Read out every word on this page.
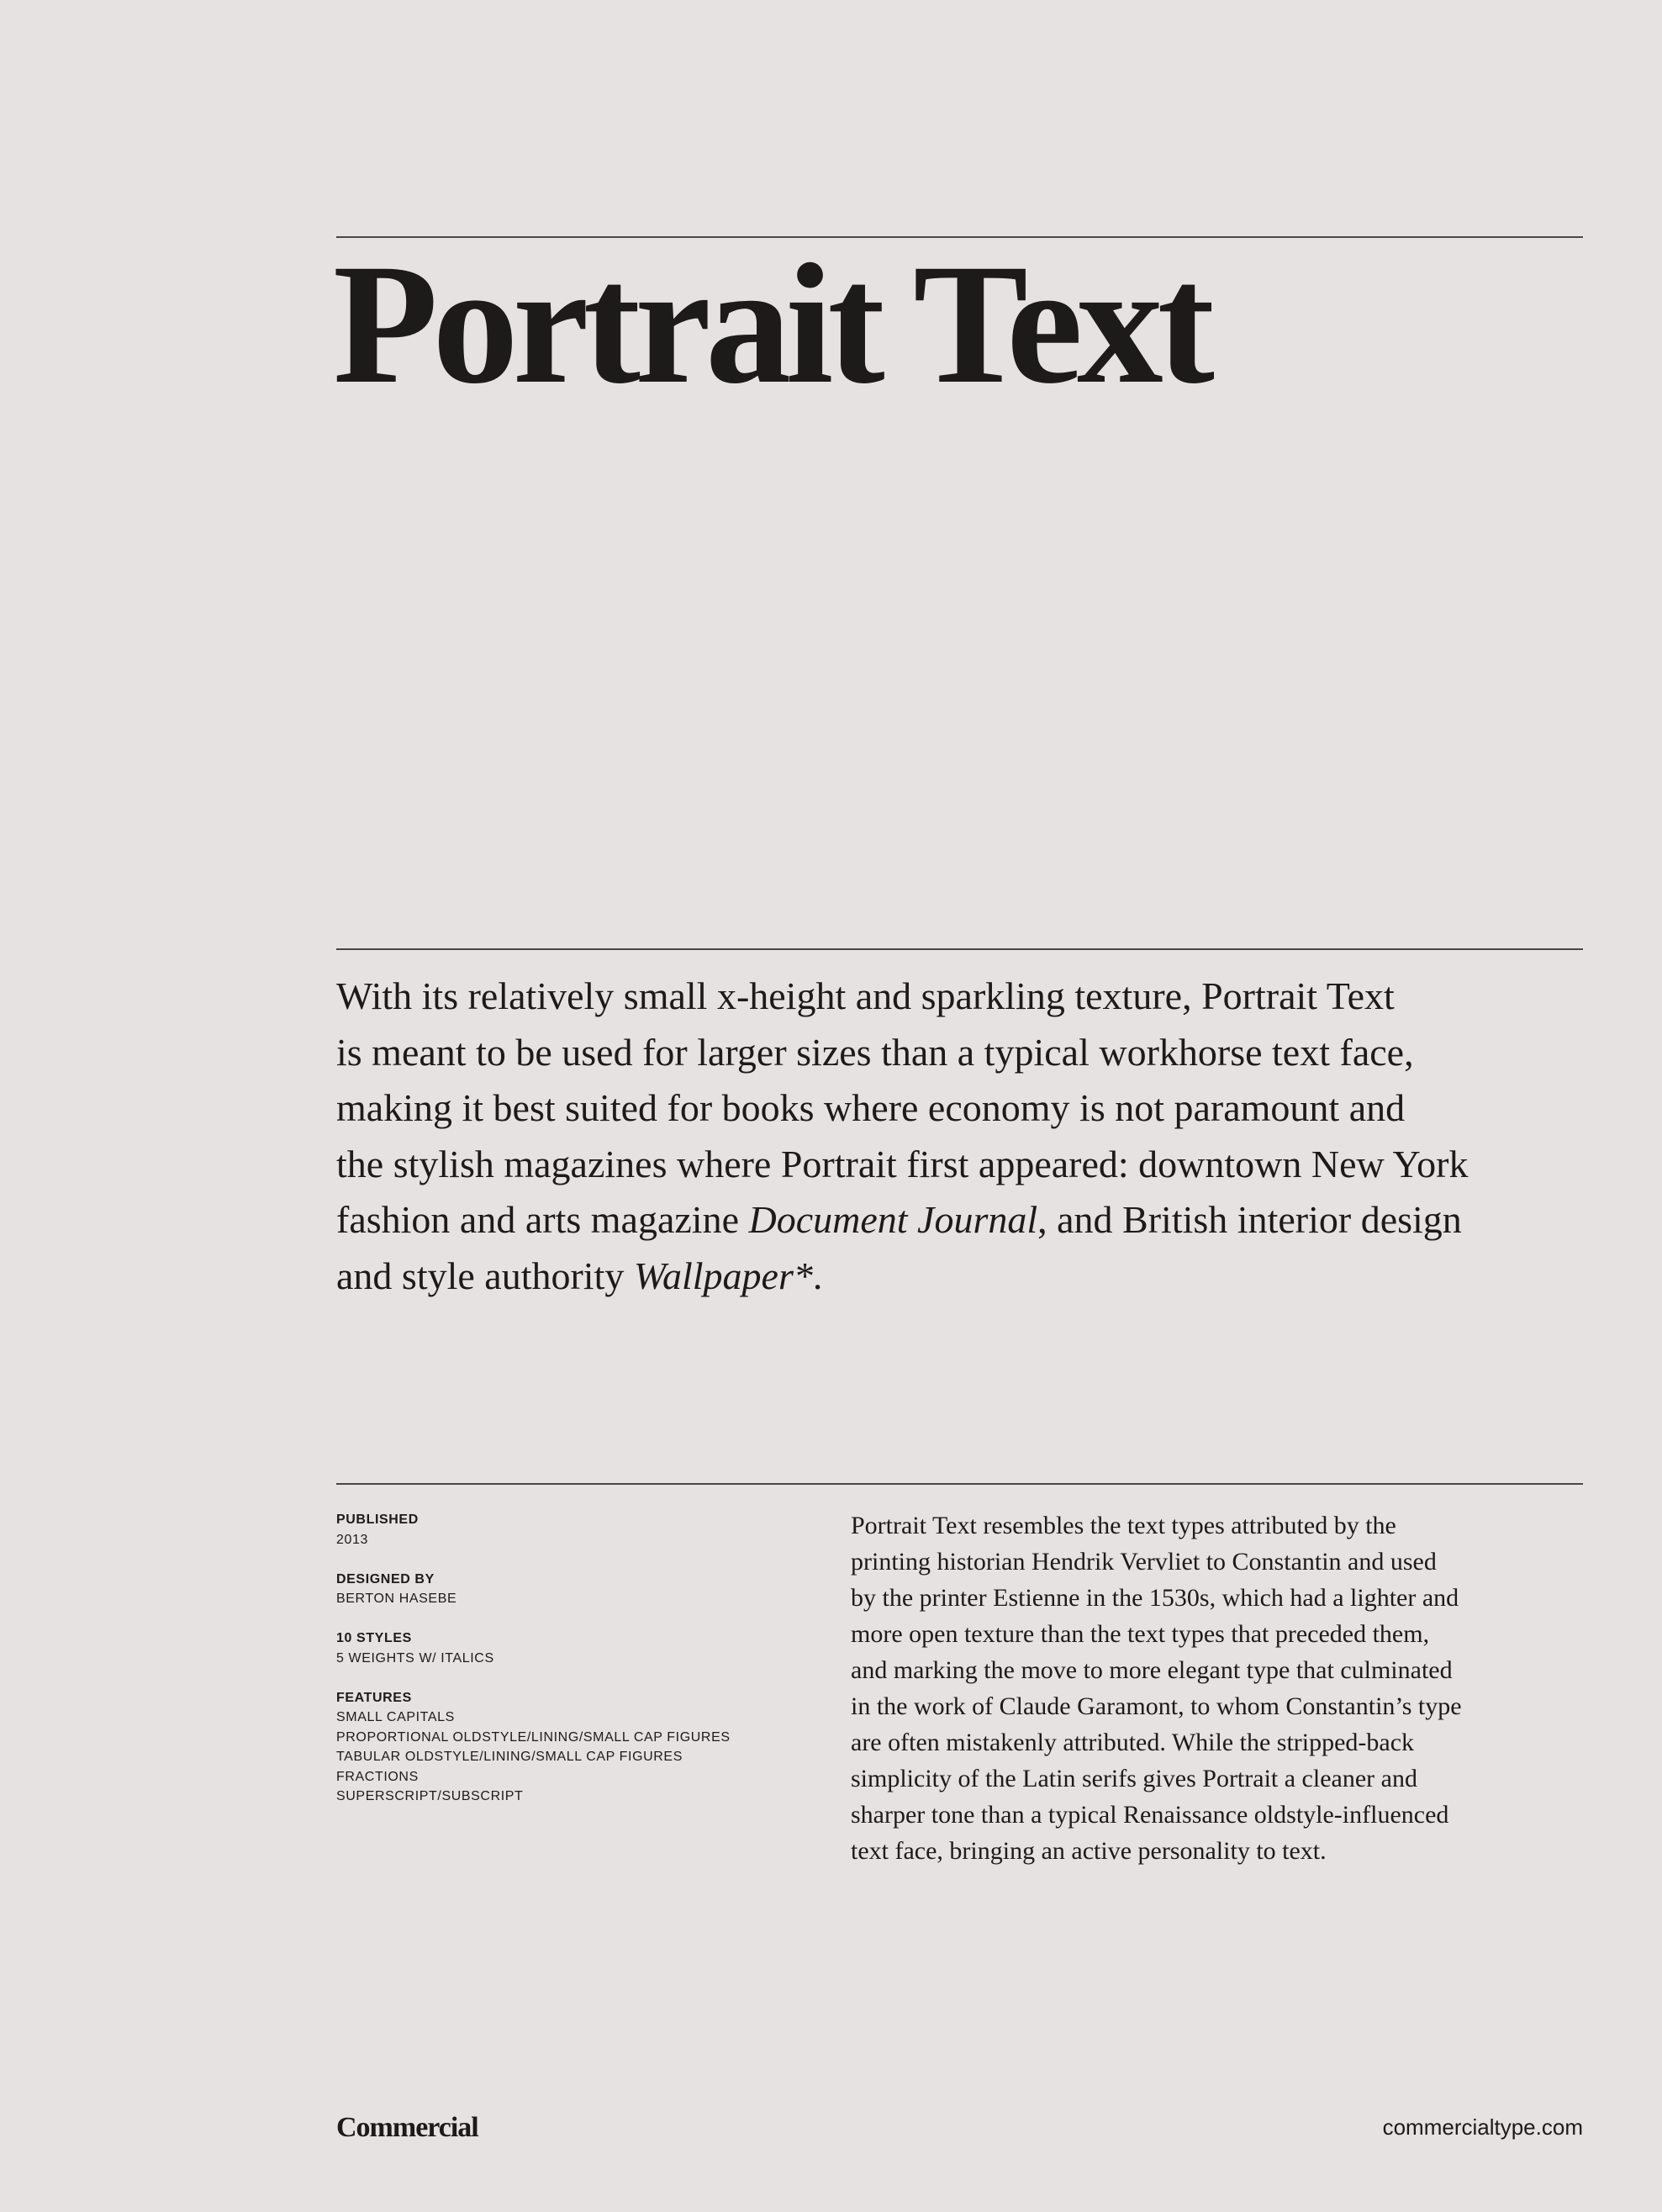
Portrait Text
With its relatively small x-height and sparkling texture, Portrait Text
is meant to be used for larger sizes than a typical workhorse text face,
making it best suited for books where economy is not paramount and
the stylish magazines where Portrait first appeared: downtown New York
fashion and arts magazine Document Journal, and British interior design
and style authority Wallpaper*.
PUBLISHED
2013
DESIGNED BY
BERTON HASEBE
10 STYLES
5 WEIGHTS W/ ITALICS
FEATURES
SMALL CAPITALS
PROPORTIONAL OLDSTYLE/LINING/SMALL CAP FIGURES
TABULAR OLDSTYLE/LINING/SMALL CAP FIGURES
FRACTIONS
SUPERSCRIPT/SUBSCRIPT
Portrait Text resembles the text types attributed by the
printing historian Hendrik Vervliet to Constantin and used
by the printer Estienne in the 1530s, which had a lighter and
more open texture than the text types that preceded them,
and marking the move to more elegant type that culminated
in the work of Claude Garamont, to whom Constantin’s type
are often mistakenly attributed. While the stripped-back
simplicity of the Latin serifs gives Portrait a cleaner and
sharper tone than a typical Renaissance oldstyle-influenced
text face, bringing an active personality to text.
Commercial	commercialtype.com
